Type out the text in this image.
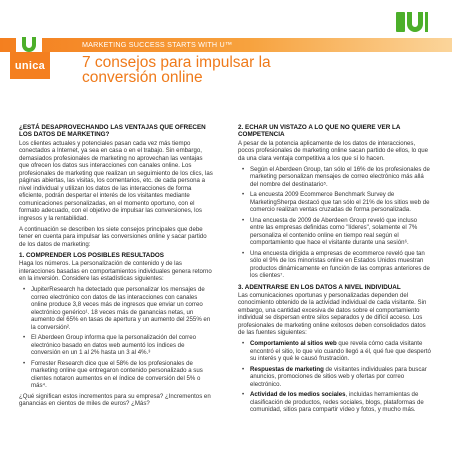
MARKETING SUCCESS STARTS WITH U™
unica	7 consejos para impulsar la
conversión online
¿ESTÁ DESAPROVECHANDO LAS VENTAJAS QUE OFRECEN LOS DATOS DE MARKETING?

Los clientes actuales y potenciales pasan cada vez más tiempo conectados a Internet, ya sea en casa o en el trabajo. Sin embargo, demasiados profesionales de marketing no aprovechan las ventajas que ofrecen los datos sus interacciones con canales online. Los profesionales de marketing que realizan un seguimiento de los clics, las páginas abiertas, las visitas, los comentarios, etc. de cada persona a nivel individual y utilizan los datos de las interacciones de forma eficiente, podrán despertar el interés de los visitantes mediante comunicaciones personalizadas, en el momento oportuno, con el formato adecuado, con el objetivo de impulsar las conversiones, los ingresos y la rentabilidad.

A continuación se describen los siete consejos principales que debe tener en cuenta para impulsar las conversiones online y sacar partido de los datos de marketing:

1. COMPRENDER LOS POSIBLES RESULTADOS

Haga los números. La personalización de contenido y de las interacciones basadas en comportamientos individuales genera retorno en la inversión. Considere las estadísticas siguientes:

• JupiterResearch ha detectado que personalizar los mensajes de correo electrónico con datos de las interacciones con canales online produce 3,8 veces más de ingresos que enviar un correo electrónico genérico¹. 18 veces más de ganancias netas, un aumento del 65% en tasas de apertura y un aumento del 255% en la conversión².
• El Aberdeen Group informa que la personalización del correo electrónico basado en datos web aumentó los índices de conversión en un 1 al 2% hasta un 3 al 4%.³
• Forrester Research dice que el 58% de los profesionales de marketing online que entregaron contenido personalizado a sus clientes notaron aumentos en el índice de conversión del 5% o más⁴.

¿Qué significan estos incrementos para su empresa? ¿Incrementos en ganancias en cientos de miles de euros? ¿Más?

2. ECHAR UN VISTAZO A LO QUE NO QUIERE VER LA COMPETENCIA

A pesar de la potencia aplicamente de los datos de interacciones, pocos profesionales de marketing online sacan partido de ellos, lo que da una clara ventaja competitiva a los que sí lo hacen.

• Según el Aberdeen Group, tan sólo el 16% de los profesionales de marketing personalizan mensajes de correo electrónico más allá del nombre del destinatario⁵.
• La encuesta 2009 Ecommerce Benchmark Survey de MarketingSherpa destacó que tan sólo el 21% de los sitios web de comercio realizan ventas cruzadas de forma personalizada.
• Una encuesta de 2009 de Aberdeen Group reveló que incluso entre las empresas definidas como "líderes", solamente el 7% personaliza el contenido online en tiempo real según el comportamiento que hace el visitante durante una sesión⁶.
• Una encuesta dirigida a empresas de ecommerce reveló que tan sólo el 9% de los minoristas online en Estados Unidos muestran productos dinámicamente en función de las compras anteriores de los clientes⁷.
3. ADENTRARSE EN LOS DATOS A NIVEL INDIVIDUAL

Las comunicaciones oportunas y personalizadas dependen del conocimiento obtenido de la actividad individual de cada visitante. Sin embargo, una cantidad excesiva de datos sobre el comportamiento individual se dispersan entre silos separados y de difícil acceso. Los profesionales de marketing online exitosos deben consolidados datos de las fuentes siguientes:

• Comportamiento al sitios web que revela cómo cada visitante encontró el sitio, lo que vio cuando llegó a él, qué fue que despertó su interés y qué le causó frustración.
• Respuestas de marketing de visitantes individuales para buscar anuncios, promociones de sitios web y ofertas por correo electrónico.
• Actividad de los medios sociales, incluidas herramientas de clasificación de productos, redes sociales, blogs, plataformas de comunidad, sitios para compartir vídeo y fotos, y mucho más.
